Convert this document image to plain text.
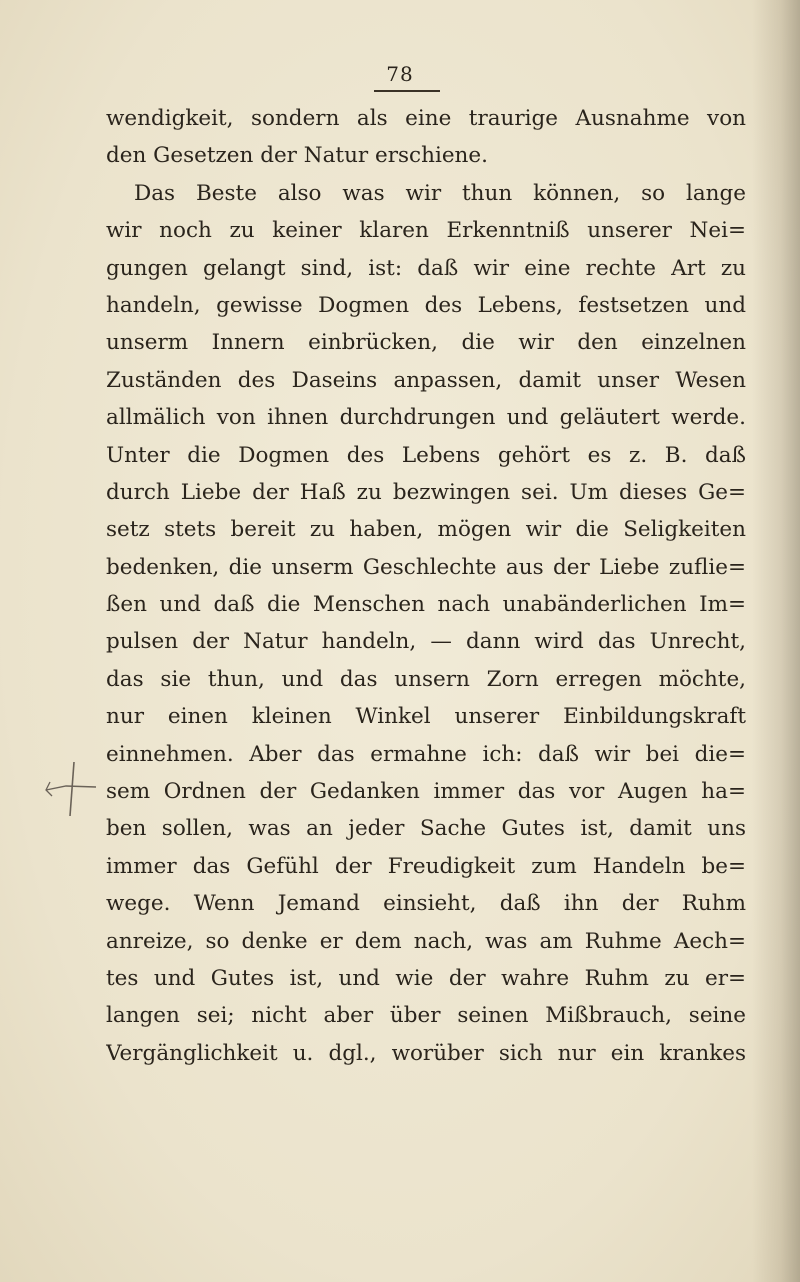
78
wendigkeit, sondern als eine traurige Ausnahme von
den Gesetzen der Natur erschiene.
Das Beste also was wir thun können, so lange
wir noch zu keiner klaren Erkenntniß unserer Nei=
gungen gelangt sind, ist: daß wir eine rechte Art zu
handeln, gewisse Dogmen des Lebens, festsetzen und
unserm Innern einbrücken, die wir den einzelnen
Zuständen des Daseins anpassen, damit unser Wesen
allmälich von ihnen durchdrungen und geläutert werde.
Unter die Dogmen des Lebens gehört es z. B. daß
durch Liebe der Haß zu bezwingen sei. Um dieses Ge=
setz stets bereit zu haben, mögen wir die Seligkeiten
bedenken, die unserm Geschlechte aus der Liebe zuflie=
ßen und daß die Menschen nach unabänderlichen Im=
pulsen der Natur handeln, — dann wird das Unrecht,
das sie thun, und das unsern Zorn erregen möchte,
nur einen kleinen Winkel unserer Einbildungskraft
einnehmen. Aber das ermahne ich: daß wir bei die=
sem Ordnen der Gedanken immer das vor Augen ha=
ben sollen, was an jeder Sache Gutes ist, damit uns
immer das Gefühl der Freudigkeit zum Handeln be=
wege. Wenn Jemand einsieht, daß ihn der Ruhm
anreize, so denke er dem nach, was am Ruhme Aech=
tes und Gutes ist, und wie der wahre Ruhm zu er=
langen sei; nicht aber über seinen Mißbrauch, seine
Vergänglichkeit u. dgl., worüber sich nur ein krankes
